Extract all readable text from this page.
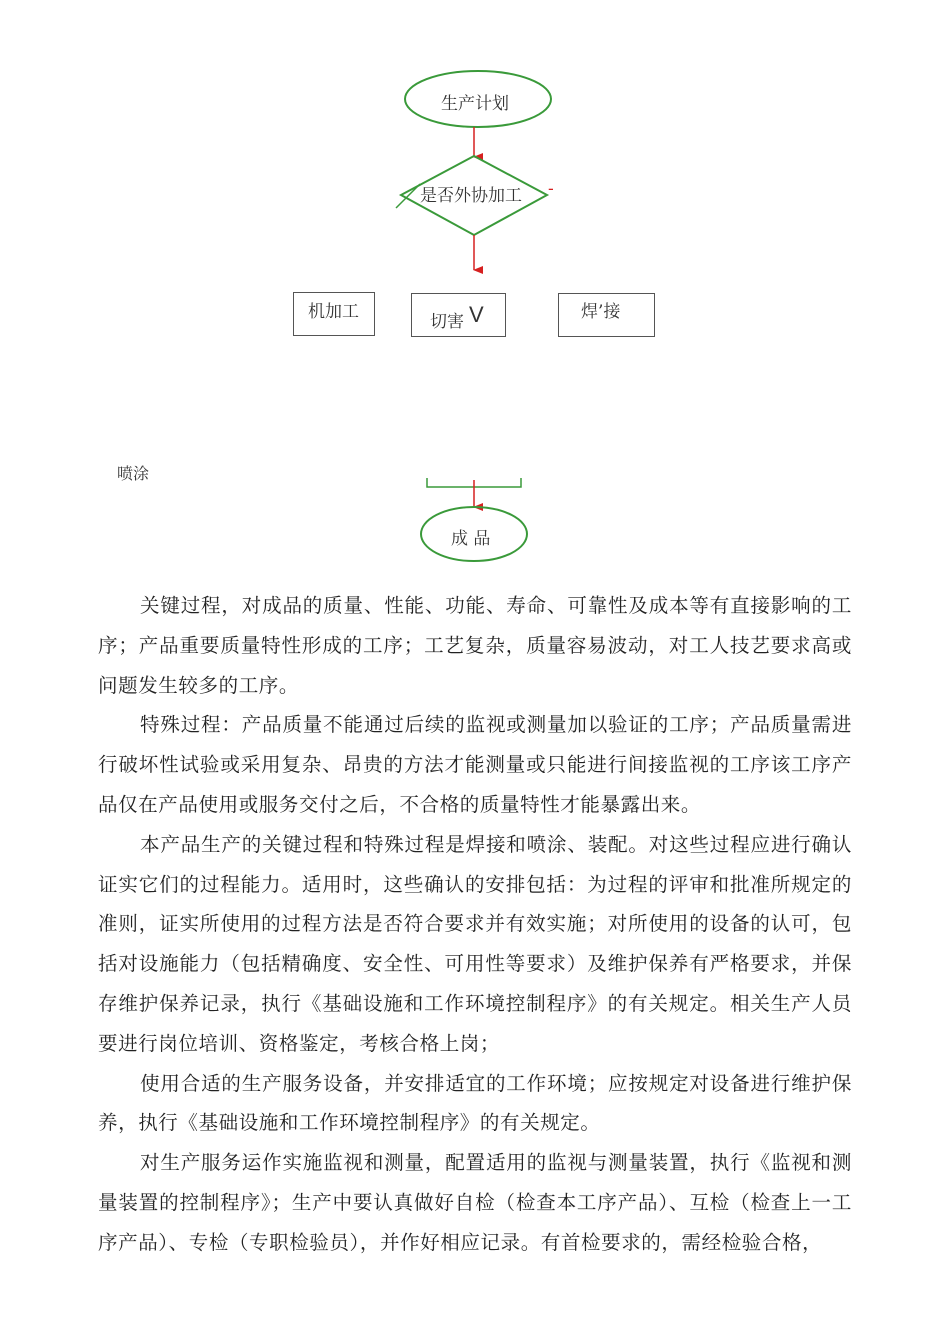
生产计划
是否外协加工 -
机加工	切害 V	焊’接
喷涂
成 品

关键过程，对成品的质量、性能、功能、寿命、可靠性及成本等有直接影响的工序；产品重要质量特性形成的工序；工艺复杂，质量容易波动，对工人技艺要求高或问题发生较多的工序。

特殊过程：产品质量不能通过后续的监视或测量加以验证的工序；产品质量需进行破坏性试验或采用复杂、昂贵的方法才能测量或只能进行间接监视的工序该工序产品仅在产品使用或服务交付之后，不合格的质量特性才能暴露出来。

本产品生产的关键过程和特殊过程是焊接和喷涂、装配。对这些过程应进行确认证实它们的过程能力。适用时，这些确认的安排包括：为过程的评审和批准所规定的准则，证实所使用的过程方法是否符合要求并有效实施；对所使用的设备的认可，包括对设施能力（包括精确度、安全性、可用性等要求）及维护保养有严格要求，并保存维护保养记录，执行《基础设施和工作环境控制程序》的有关规定。相关生产人员要进行岗位培训、资格鉴定，考核合格上岗；

使用合适的生产服务设备，并安排适宜的工作环境；应按规定对设备进行维护保养，执行《基础设施和工作环境控制程序》的有关规定。

对生产服务运作实施监视和测量，配置适用的监视与测量装置，执行《监视和测量装置的控制程序》；生产中要认真做好自检（检查本工序产品）、互检（检查上一工序产品）、专检（专职检验员），并作好相应记录。有首检要求的，需经检验合格，
